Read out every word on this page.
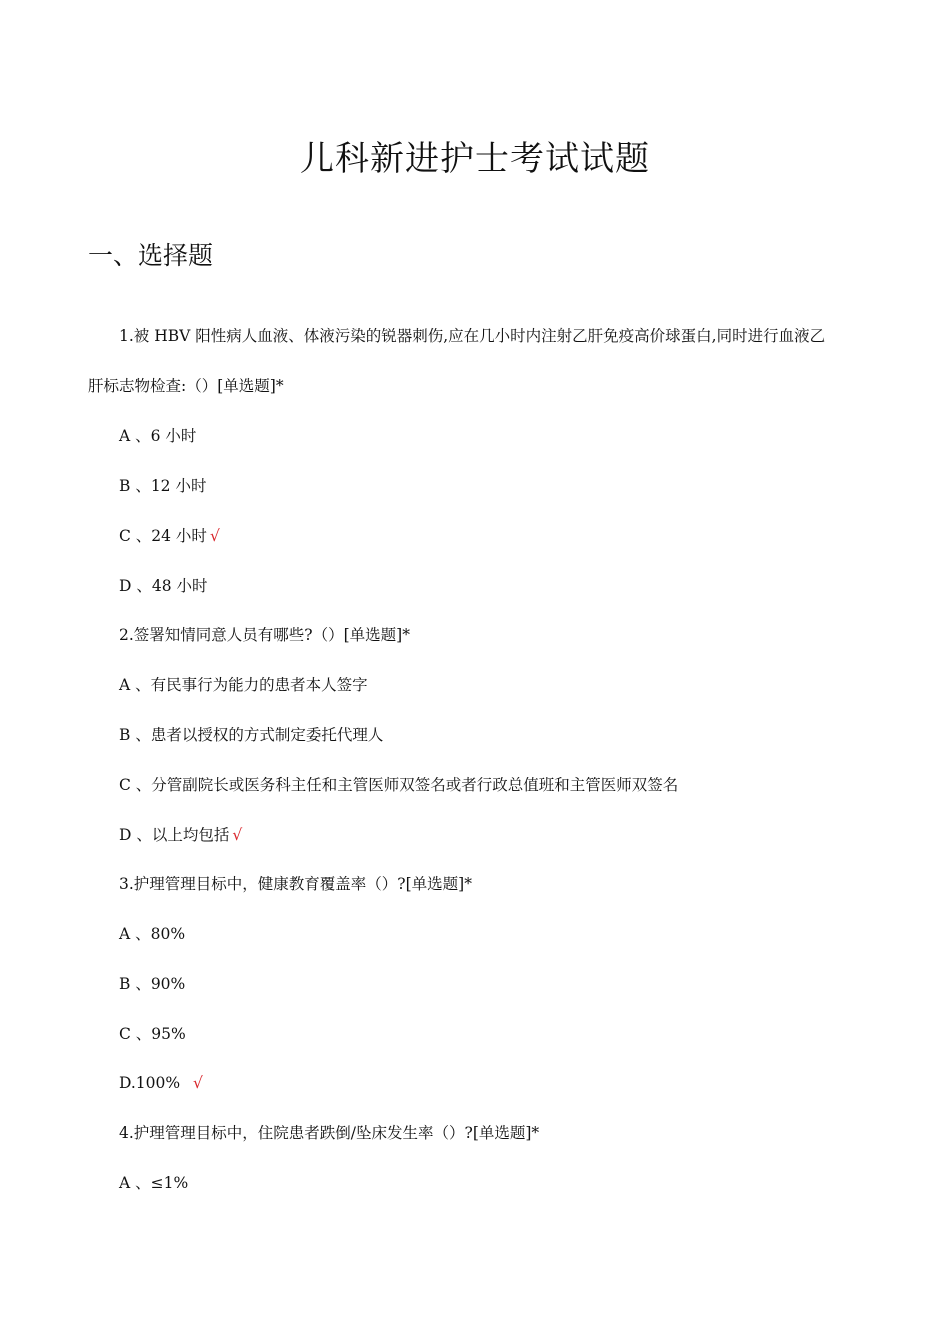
儿科新进护士考试试题
一、选择题
1.被 HBV 阳性病人血液、体液污染的锐器刺伤,应在几小时内注射乙肝免疫高价球蛋白,同时进行血液乙
肝标志物检查:（）[单选题]*
A 、6 小时
B 、12 小时
C 、24 小时 √
D 、48 小时
2.签署知情同意人员有哪些?（）[单选题]*
A 、有民事行为能力的患者本人签字
B 、患者以授权的方式制定委托代理人
C 、分管副院长或医务科主任和主管医师双签名或者行政总值班和主管医师双签名
D 、以上均包括 √
3.护理管理目标中，健康教育覆盖率（）?[单选题]*
A 、80%
B 、90%
C 、95%
D.100%  √
4.护理管理目标中，住院患者跌倒/坠床发生率（）?[单选题]*
A 、≤1%
